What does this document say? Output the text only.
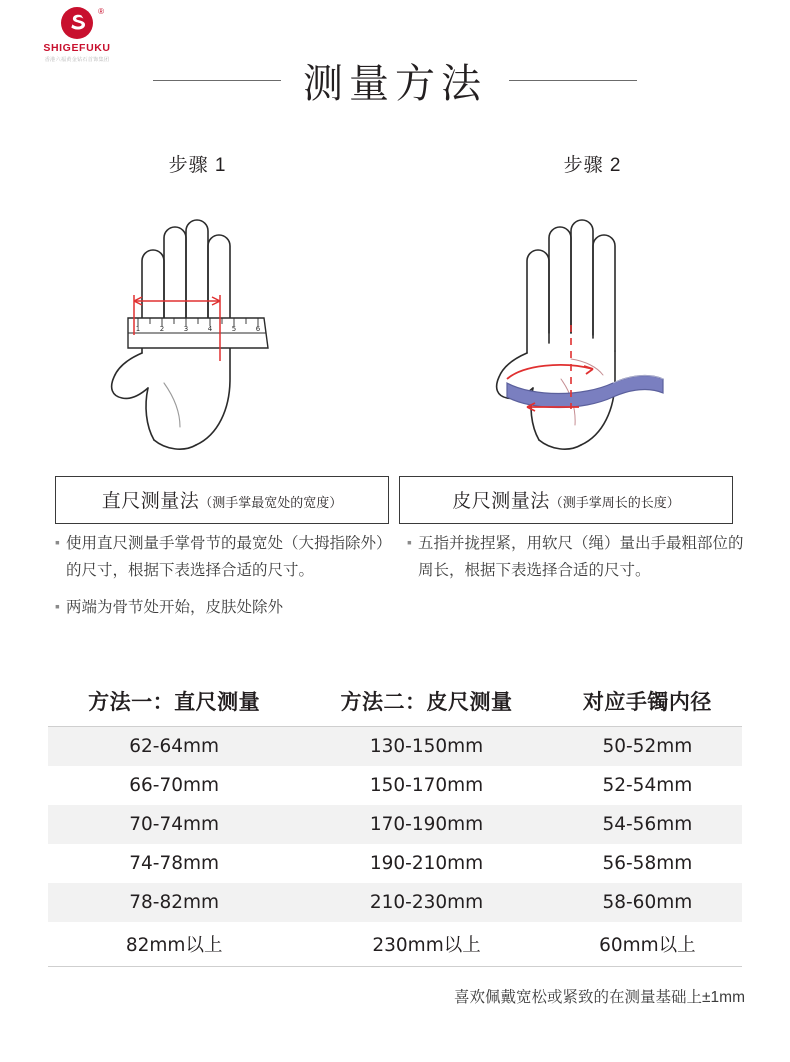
®
SHIGEFUKU
香港六福黄金钻石首饰集团
测量方法
步骤 1
1	2	3	4	5	6
步骤 2
直尺测量法（测手掌最宽处的宽度）	皮尺测量法（测手掌周长的长度）
▪ 使用直尺测量手掌骨节的最宽处（大拇指除外）的尺寸，根据下表选择合适的尺寸。
▪ 两端为骨节处开始，皮肤处除外
▪ 五指并拢捏紧，用软尺（绳）量出手最粗部位的周长，根据下表选择合适的尺寸。
方法一：直尺测量	方法二：皮尺测量	对应手镯内径
62-64mm	130-150mm	50-52mm
66-70mm	150-170mm	52-54mm
70-74mm	170-190mm	54-56mm
74-78mm	190-210mm	56-58mm
78-82mm	210-230mm	58-60mm
82mm以上	230mm以上	60mm以上
喜欢佩戴宽松或紧致的在测量基础上±1mm
